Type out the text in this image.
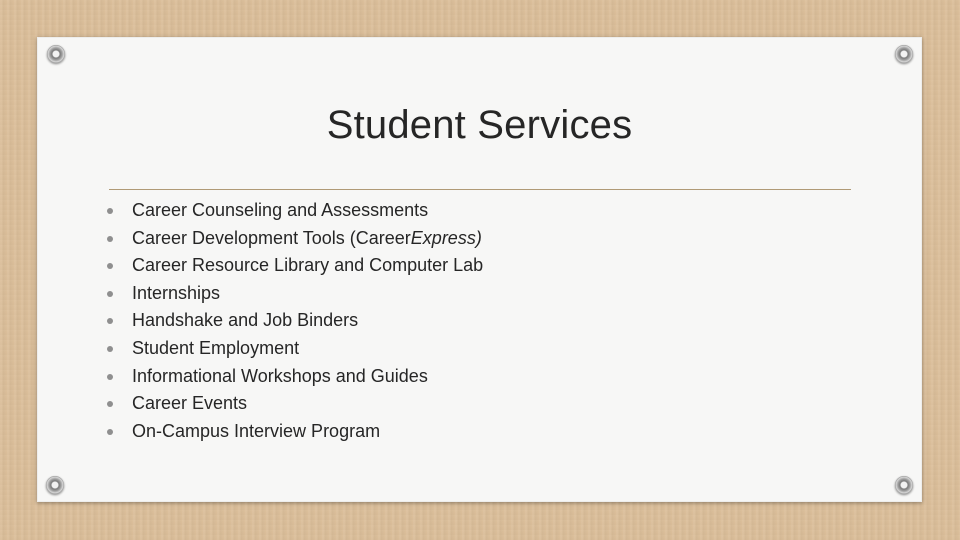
Student Services
Career Counseling and Assessments
Career Development Tools (CareerExpress)
Career Resource Library and Computer Lab
Internships
Handshake and Job Binders
Student Employment
Informational Workshops and Guides
Career Events
On-Campus Interview Program
